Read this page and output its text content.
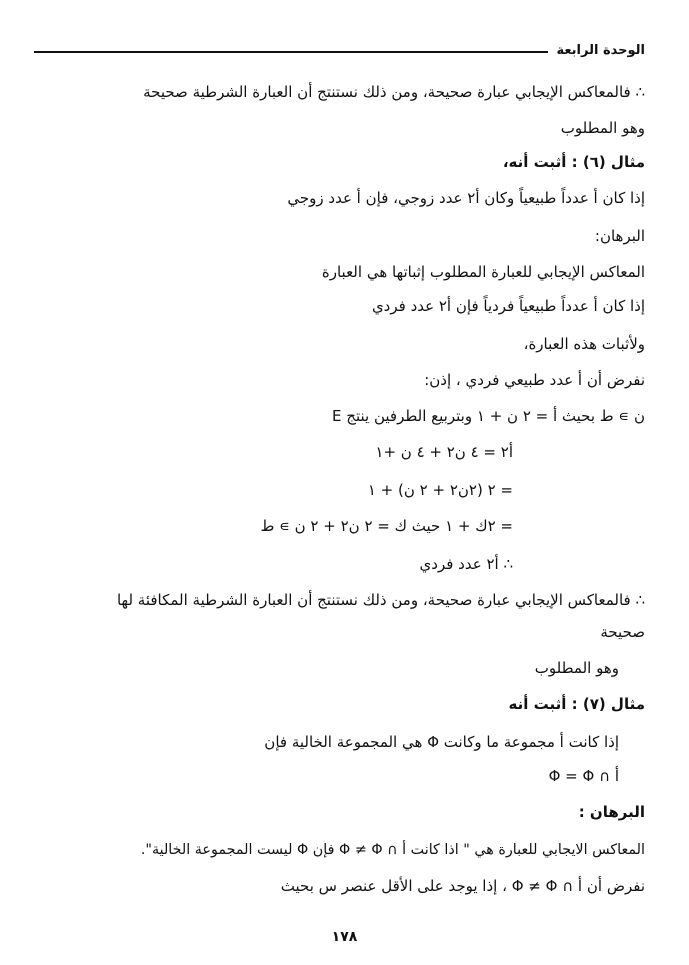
الوحدة الرابعة
∴ فالمعاكس الإيجابي عبارة صحيحة، ومن ذلك نستنتج أن العبارة الشرطية صحيحة
وهو المطلوب
مثال (٦) : أثبت أنه،
إذا كان أ عدداً طبيعياً وكان أ٢ عدد زوجي، فإن أ عدد زوجي
البرهان:
المعاكس الإيجابي للعبارة المطلوب إثباتها هي العبارة
إذا كان أ عدداً طبيعياً فردياً فإن أ٢ عدد فردي
ولأثبات هذه العبارة،
نفرض أن أ عدد طبيعي فردي ، إذن:
E ن ∍ ط بحيث أ = ٢ ن + ١ وبتربيع الطرفين ينتج
أ٢ = ٤ ن٢ + ٤ ن +١
= ٢ (٢ن٢ + ٢ ن) + ١
= ٢ك + ١ حيث ك = ٢ ن٢ + ٢ ن ∍ ط
∴ أ٢ عدد فردي
∴ فالمعاكس الإيجابي عبارة صحيحة، ومن ذلك نستنتج أن العبارة الشرطية المكافئة لها
صحيحة
وهو المطلوب
مثال (٧) : أثبت أنه
إذا كانت أ مجموعة ما وكانت Φ هي المجموعة الخالية فإن
أ ∩ Φ = Φ
البرهان :
المعاكس الايجابي للعبارة هي " اذا كانت أ ∩ Φ ≠ Φ فإن Φ ليست المجموعة الخالية".
نفرض أن أ ∩ Φ ≠ Φ ، إذا يوجد على الأقل عنصر س بحيث
١٧٨
